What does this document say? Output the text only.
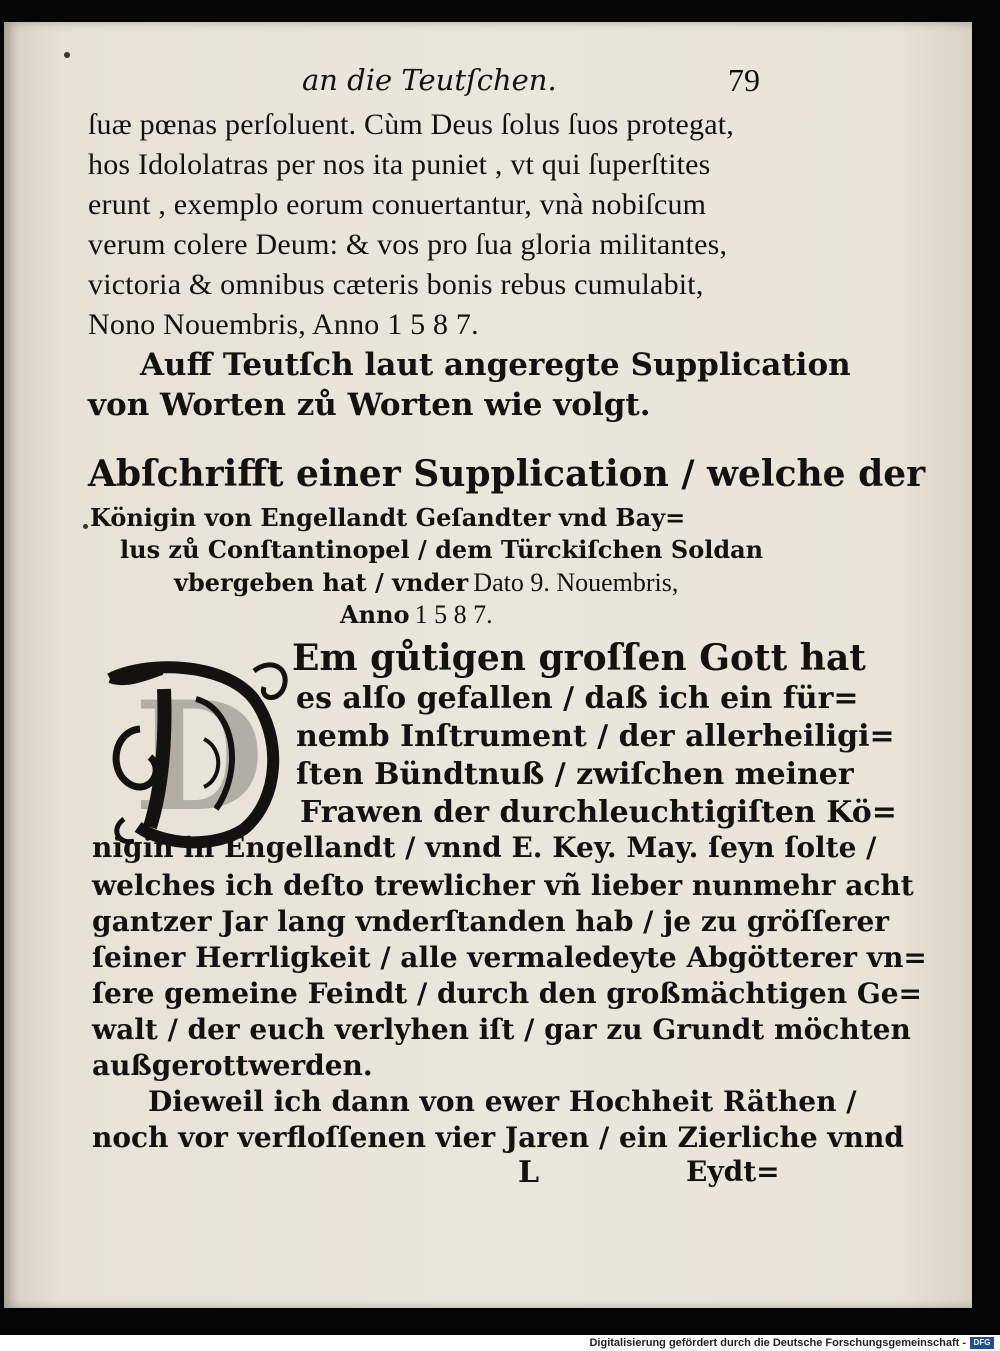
an die Teutſchen.	79
ſuæ pœnas perſoluent. Cùm Deus ſolus ſuos protegat,
hos Idololatras per nos ita puniet , vt qui ſuperſtites
erunt , exemplo eorum conuertantur, vnà nobiſcum
verum colere Deum: & vos pro ſua gloria militantes,
victoria & omnibus cæteris bonis rebus cumulabit,
Nono Nouembris, Anno 1 5 8 7.
Auff Teutſch laut angeregte Supplication
von Worten zů Worten wie volgt.
Abſchrifft einer Supplication / welche der
Königin von Engellandt Geſandter vnd Bay=
lus zů Conſtantinopel / dem Türckiſchen Soldan
vbergeben hat / vnder Dato 9. Nouembris,
Anno 1 5 8 7.
D
Em gůtigen groſſen Gott hat
es alſo gefallen / daß ich ein für=
nemb Inſtrument / der allerheiligi=
ſten Bündtnuß / zwiſchen meiner
Frawen der durchleuchtigiſten Kö=
nigin in Engellandt / vnnd E. Key. May. ſeyn ſolte /
welches ich deſto trewlicher vñ lieber nunmehr acht
gantzer Jar lang vnderſtanden hab / je zu gröſſerer
ſeiner Herrligkeit / alle vermaledeyte Abgötterer vn=
ſere gemeine Feindt / durch den großmächtigen Ge=
walt / der euch verlyhen iſt / gar zu Grundt möchten
außgerottwerden.
Dieweil ich dann von ewer Hochheit Räthen /
noch vor verfloſſenen vier Jaren / ein Zierliche vnnd
L	Eydt=
Digitalisierung gefördert durch die Deutsche Forschungsgemeinschaft - DFG
